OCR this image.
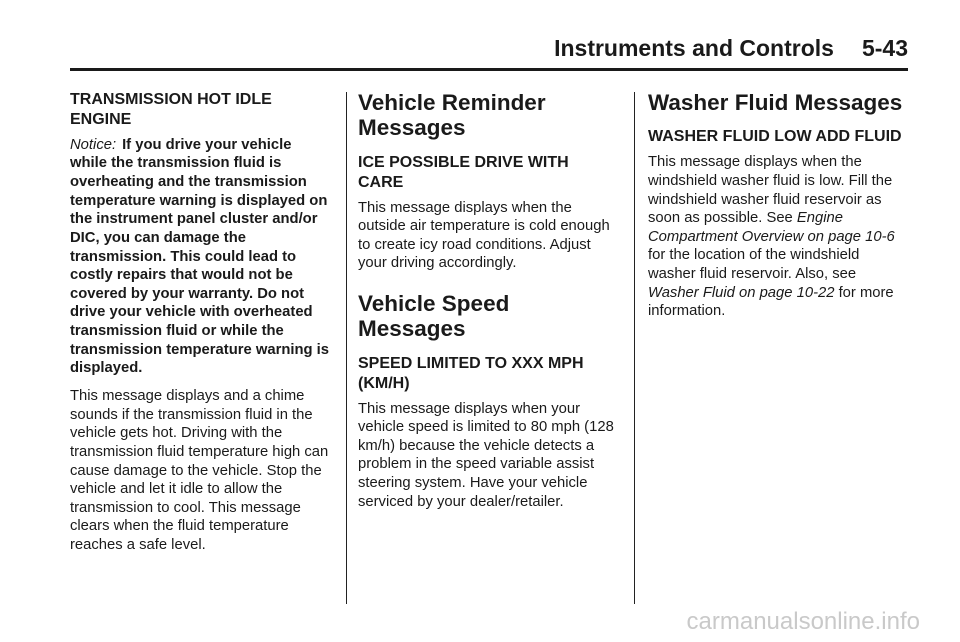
Instruments and Controls 5-43
TRANSMISSION HOT IDLE ENGINE

Notice: If you drive your vehicle while the transmission fluid is overheating and the transmission temperature warning is displayed on the instrument panel cluster and/or DIC, you can damage the transmission. This could lead to costly repairs that would not be covered by your warranty. Do not drive your vehicle with overheated transmission fluid or while the transmission temperature warning is displayed.

This message displays and a chime sounds if the transmission fluid in the vehicle gets hot. Driving with the transmission fluid temperature high can cause damage to the vehicle. Stop the vehicle and let it idle to allow the transmission to cool. This message clears when the fluid temperature reaches a safe level.

Vehicle Reminder Messages
ICE POSSIBLE DRIVE WITH CARE

This message displays when the outside air temperature is cold enough to create icy road conditions. Adjust your driving accordingly.

Vehicle Speed Messages
SPEED LIMITED TO XXX MPH (KM/H)

This message displays when your vehicle speed is limited to 80 mph (128 km/h) because the vehicle detects a problem in the speed variable assist steering system. Have your vehicle serviced by your dealer/retailer.

Washer Fluid Messages
WASHER FLUID LOW ADD FLUID

This message displays when the windshield washer fluid is low. Fill the windshield washer fluid reservoir as soon as possible. See Engine Compartment Overview on page 10-6 for the location of the windshield washer fluid reservoir. Also, see Washer Fluid on page 10-22 for more information.

carmanualsonline.info
